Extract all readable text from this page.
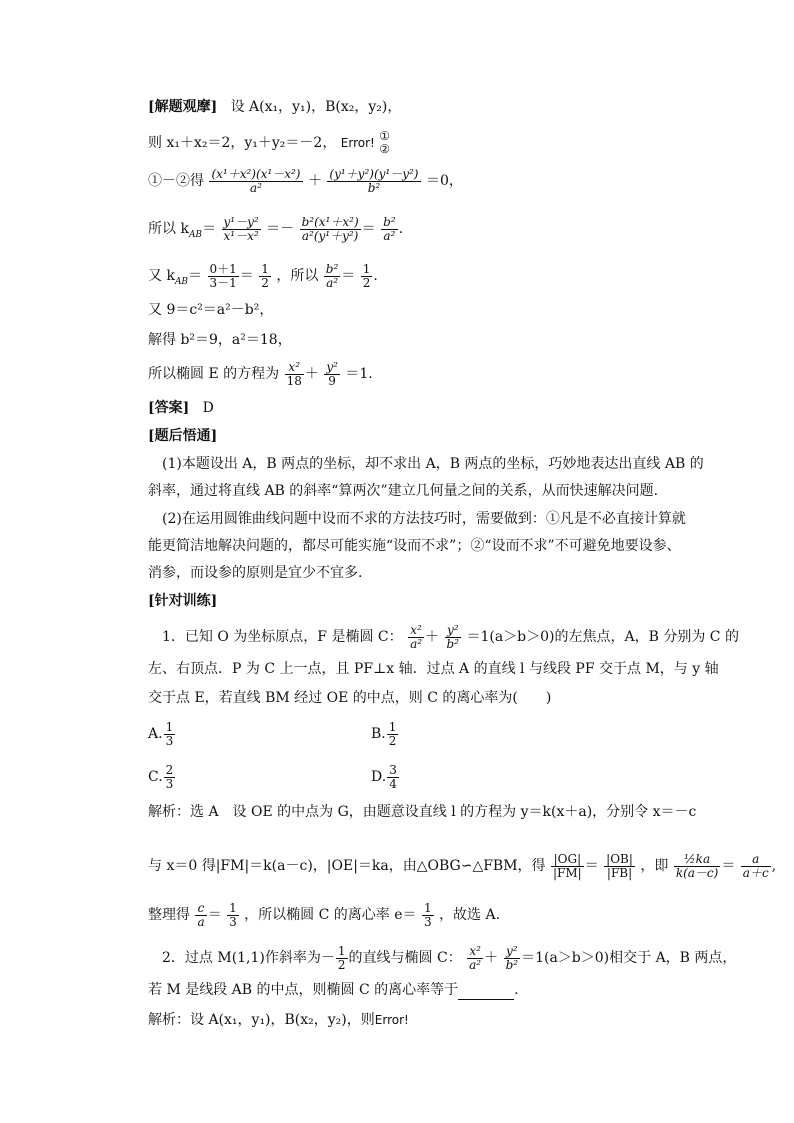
[解题观摩] 设 A(x₁，y₁)，B(x₂，y₂)，
则 x₁＋x₂＝2，y₁＋y₂＝－2， Error! ①
②
①－②得 $\frac{\text{(x¹＋x²)(x¹－x²)}}{\text{a²}} + \frac{\text{(y¹＋y²)(y¹－y²)}}{\text{b²}} =0$，
所以 $k_{AB}= \frac{\text{y¹－y²}}{\text{x¹－x²}} =- \frac{\text{b²(x¹＋x²)}}{\text{a²(y¹＋y²)}} = \frac{\text{b²}}{\text{a²}}$ .
又 $k_{AB}= \frac{0+1}{3-1} = \frac{1}{2}$ ，所以 $\frac{\text{b²}}{\text{a²}} = \frac{1}{2}$ .
又 9＝c²＝a²－b²，
解得 b²＝9，a²＝18，
所以椭圆 E 的方程为 $\frac{\text{x²}}{18} + \frac{\text{y²}}{9} =1$.
[答案] D
[题后悟通]
(1)本题设出 A，B 两点的坐标，却不求出 A，B 两点的坐标，巧妙地表达出直线 AB 的
斜率，通过将直线 AB 的斜率“算两次”建立几何量之间的关系，从而快速解决问题.
(2)在运用圆锥曲线问题中设而不求的方法技巧时，需要做到：①凡是不必直接计算就
能更简洁地解决问题的，都尽可能实施“设而不求”；②“设而不求”不可避免地要设参、
消参，而设参的原则是宜少不宜多.
[针对训练]
1．已知 O 为坐标原点，F 是椭圆 C： $\frac{\text{x²}}{\text{a²}} + \frac{\text{y²}}{\text{b²}} =1(a>b>0)$的左焦点，A，B 分别为 C 的
左、右顶点．P 为 C 上一点，且 PF⊥x 轴．过点 A 的直线 l 与线段 PF 交于点 M，与 y 轴
交于点 E，若直线 BM 经过 OE 的中点，则 C 的离心率为(　　)
A. $\frac{1}{3}$	B. $\frac{1}{2}$
C. $\frac{2}{3}$	D. $\frac{3}{4}$
解析：选 A　设 OE 的中点为 G，由题意设直线 l 的方程为 y＝k(x＋a)，分别令 x＝－c
与 x＝0 得|FM|＝k(a－c)，|OE|＝ka，由△OBG∽△FBM，得 $\frac{|OG|}{|FM|} = \frac{|OB|}{|FB|}$ ，即 $\frac{\text{½ka}}{k(a-c)} = \frac{a}{a+c}$ ,
整理得 $\frac{c}{a} = \frac{1}{3}$ ，所以椭圆 C 的离心率 $e= \frac{1}{3}$ ，故选 A.
2．过点 M(1,1)作斜率为－ $\frac{1}{2}$ 的直线与椭圆 C： $\frac{\text{x²}}{\text{a²}} + \frac{\text{y²}}{\text{b²}} =1(a>b>0)$相交于 A，B 两点，
若 M 是线段 AB 的中点，则椭圆 C 的离心率等于	.
解析：设 A(x₁，y₁)，B(x₂，y₂)，则Error!
